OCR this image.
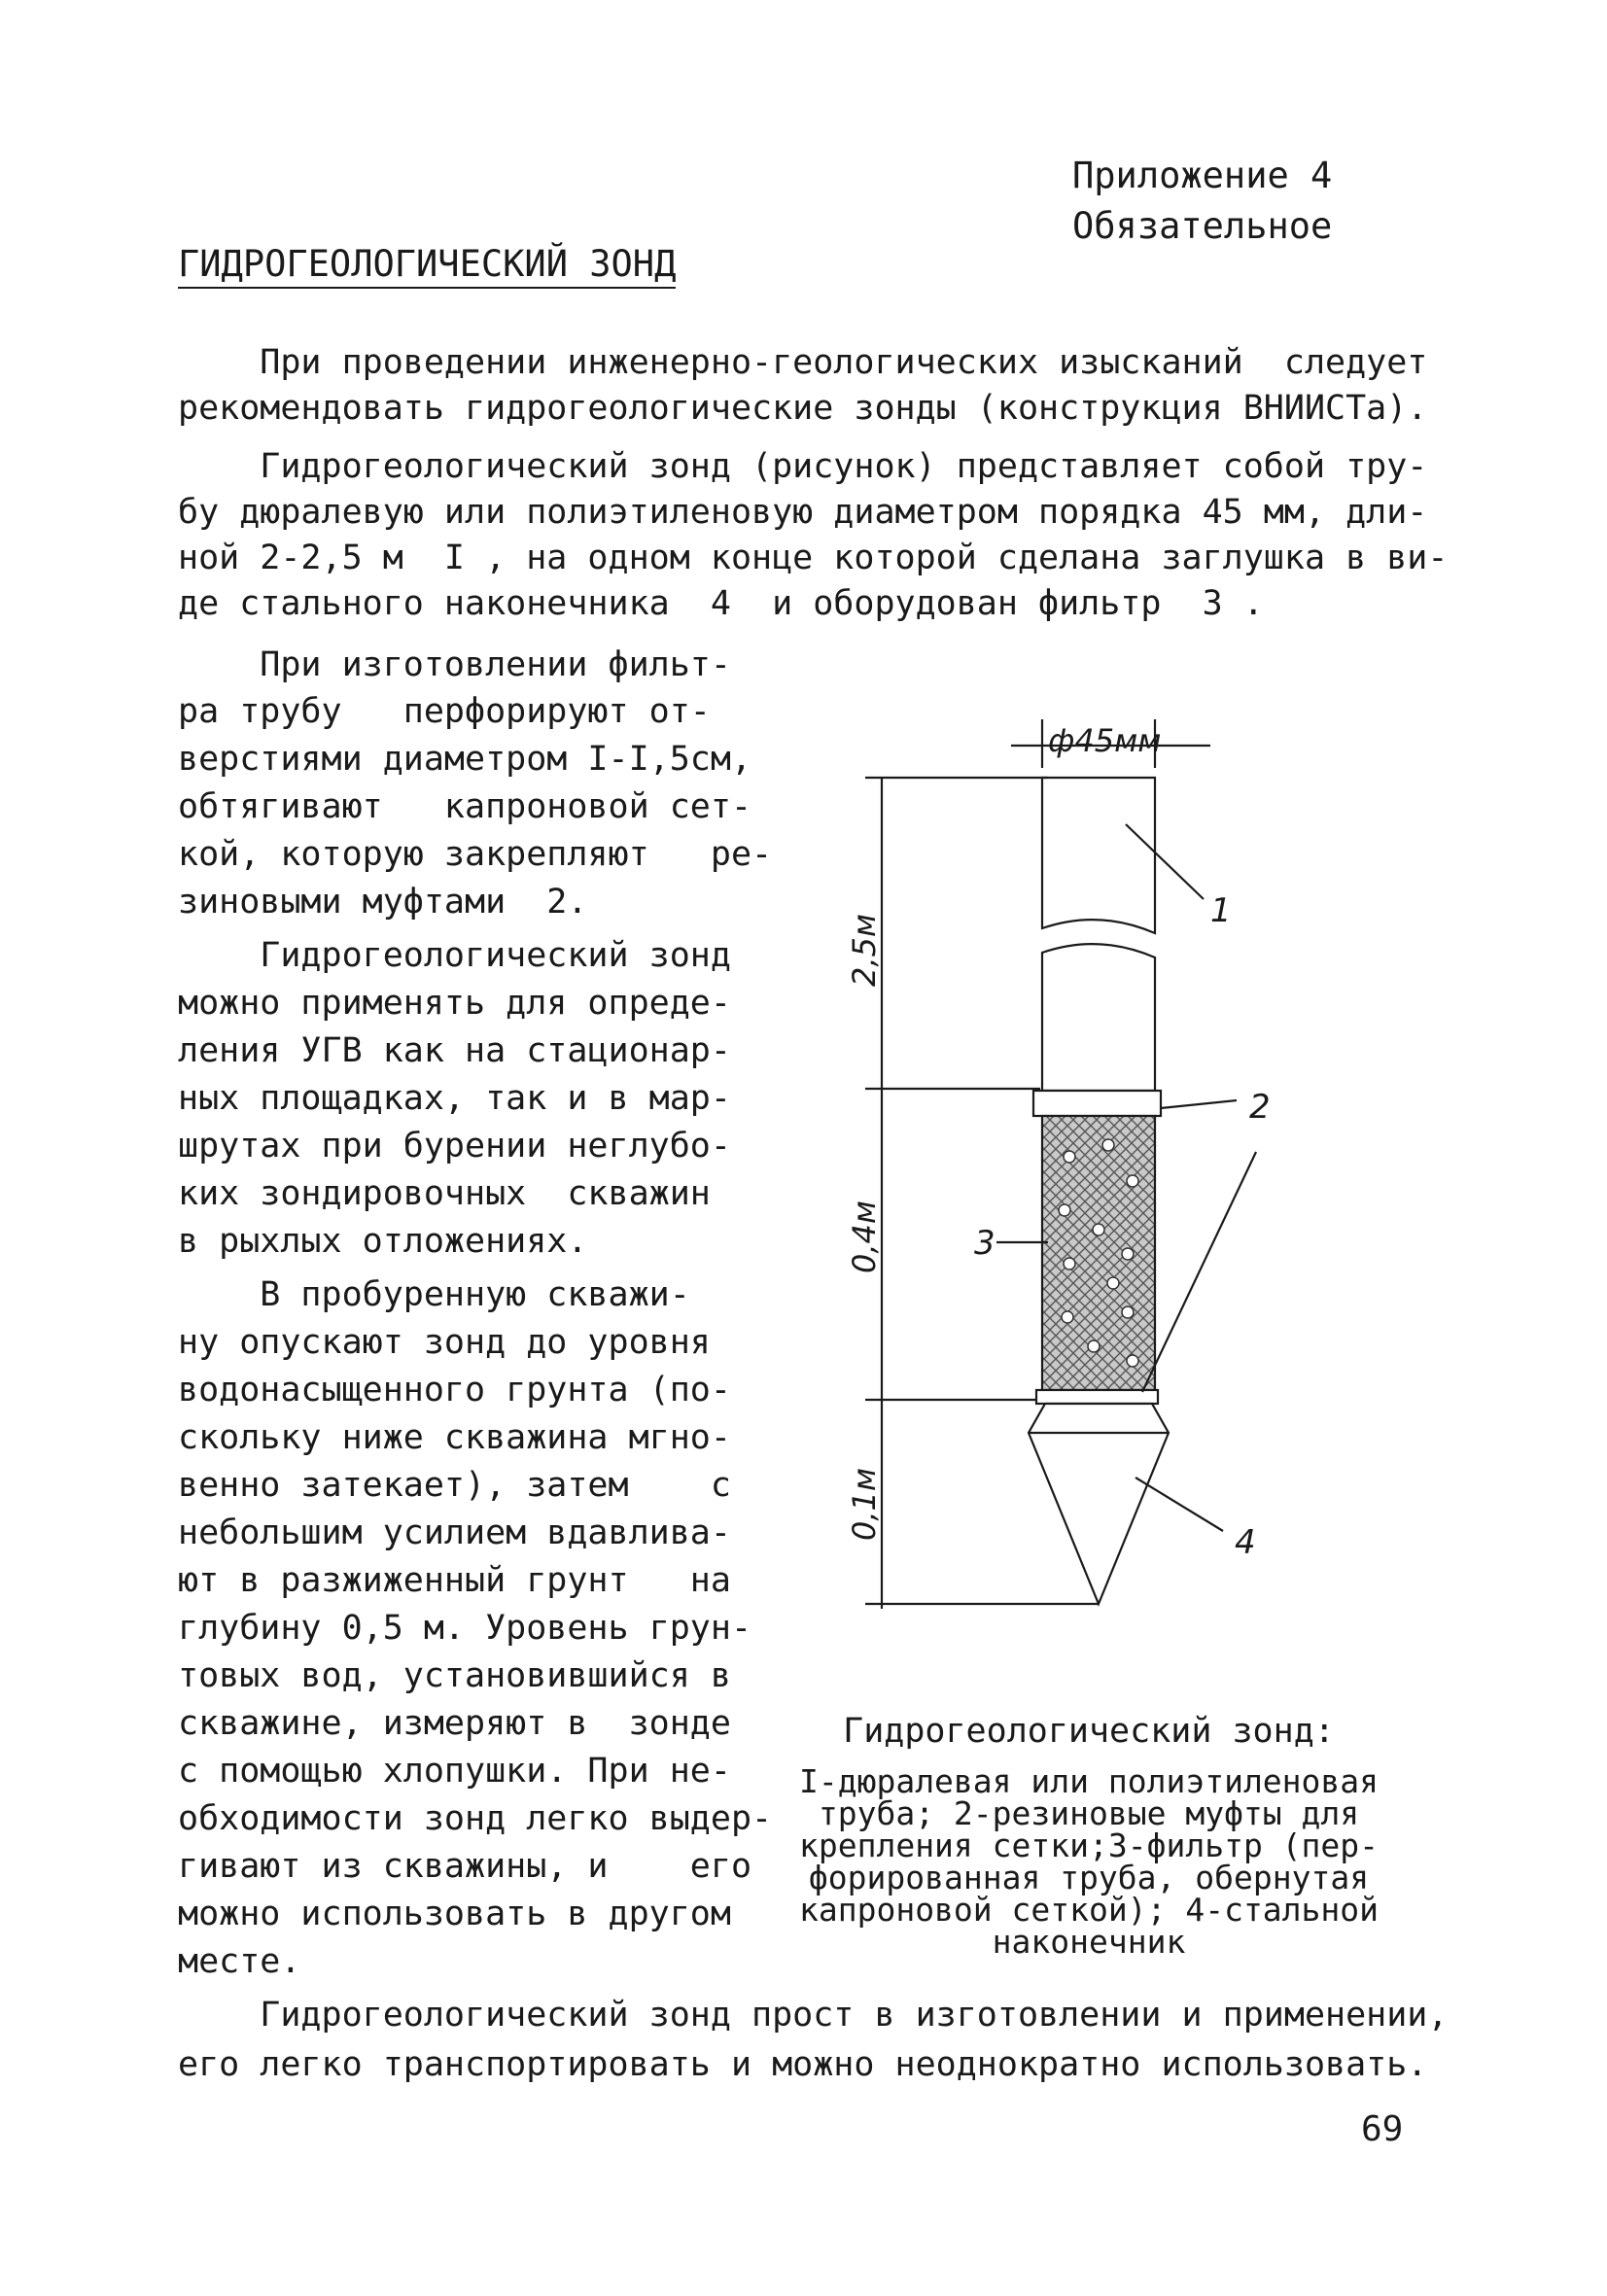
Приложение 4
Обязательное
ГИДРОГЕОЛОГИЧЕСКИЙ ЗОНД
При проведении инженерно-геологических изысканий  следует
рекомендовать гидрогеологические зонды (конструкция ВНИИСТа).
Гидрогеологический зонд (рисунок) представляет собой тру-
бу дюралевую или полиэтиленовую диаметром порядка 45 мм, дли-
ной 2-2,5 м  I , на одном конце которой сделана заглушка в ви-
де стального наконечника  4  и оборудован фильтр  3 .
При изготовлении фильт-
ра трубу   перфорируют от-
верстиями диаметром I-I,5см,
обтягивают   капроновой сет-
кой, которую закрепляют   ре-
зиновыми муфтами  2.
Гидрогеологический зонд
можно применять для опреде-
ления УГВ как на стационар-
ных площадках, так и в мар-
шрутах при бурении неглубо-
ких зондировочных  скважин
в рыхлых отложениях.
В пробуренную скважи-
ну опускают зонд до уровня
водонасыщенного грунта (по-
скольку ниже скважина мгно-
венно затекает), затем    с
небольшим усилием вдавлива-
ют в разжиженный грунт   на
глубину 0,5 м. Уровень грун-
товых вод, установившийся в
скважине, измеряют в  зонде
с помощью хлопушки. При не-
обходимости зонд легко выдер-
гивают из скважины, и    его
можно использовать в другом
месте.
ф45мм
2,5м
0,4м
0,1м
1
2
3
4
Гидрогеологический зонд:
I-дюралевая или полиэтиленовая
труба; 2-резиновые муфты для
крепления сетки;3-фильтр (пер-
форированная труба, обернутая
капроновой сеткой); 4-стальной
наконечник
Гидрогеологический зонд прост в изготовлении и применении,
его легко транспортировать и можно неоднократно использовать.
69
